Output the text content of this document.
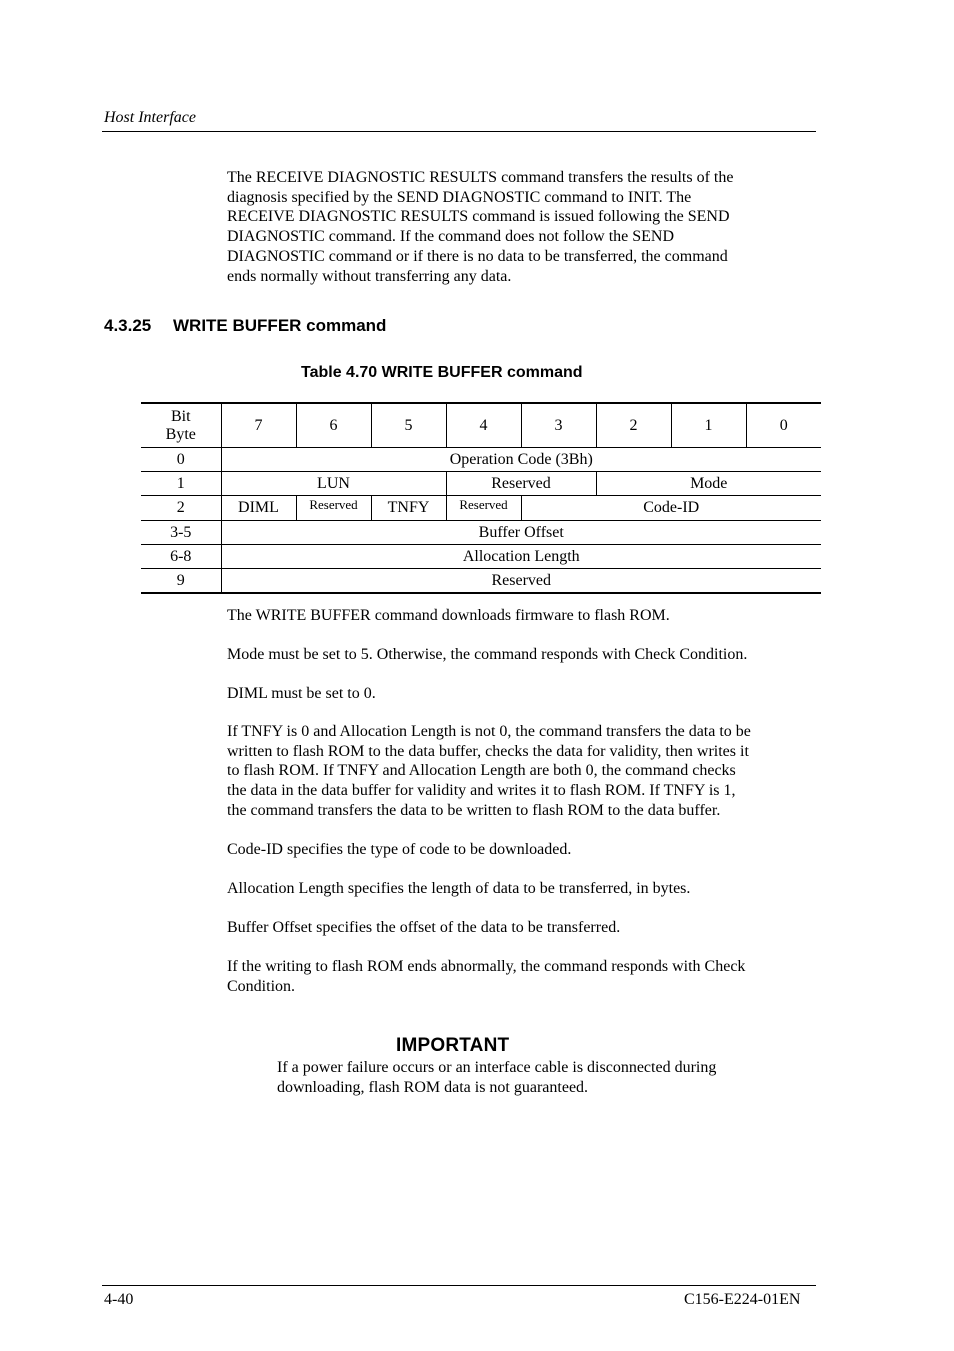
Host Interface
The RECEIVE DIAGNOSTIC RESULTS command transfers the results of the
diagnosis specified by the SEND DIAGNOSTIC command to INIT. The
RECEIVE DIAGNOSTIC RESULTS command is issued following the SEND
DIAGNOSTIC command. If the command does not follow the SEND
DIAGNOSTIC command or if there is no data to be transferred, the command
ends normally without transferring any data.
4.3.25 WRITE BUFFER command
Table 4.70 WRITE BUFFER command
Bit
Byte	7	6	5	4	3	2	1	0
0	Operation Code (3Bh)							
1	LUN			Reserved		Mode		
2	DIML	Reserved	TNFY	Reserved	Code-ID			
3-5	Buffer Offset							
6-8	Allocation Length							
9	Reserved							
The WRITE BUFFER command downloads firmware to flash ROM.
Mode must be set to 5. Otherwise, the command responds with Check Condition.
DIML must be set to 0.
If TNFY is 0 and Allocation Length is not 0, the command transfers the data to be
written to flash ROM to the data buffer, checks the data for validity, then writes it
to flash ROM. If TNFY and Allocation Length are both 0, the command checks
the data in the data buffer for validity and writes it to flash ROM. If TNFY is 1,
the command transfers the data to be written to flash ROM to the data buffer.
Code-ID specifies the type of code to be downloaded.
Allocation Length specifies the length of data to be transferred, in bytes.
Buffer Offset specifies the offset of the data to be transferred.
If the writing to flash ROM ends abnormally, the command responds with Check
Condition.
IMPORTANT
If a power failure occurs or an interface cable is disconnected during
downloading, flash ROM data is not guaranteed.
4-40	C156-E224-01EN
